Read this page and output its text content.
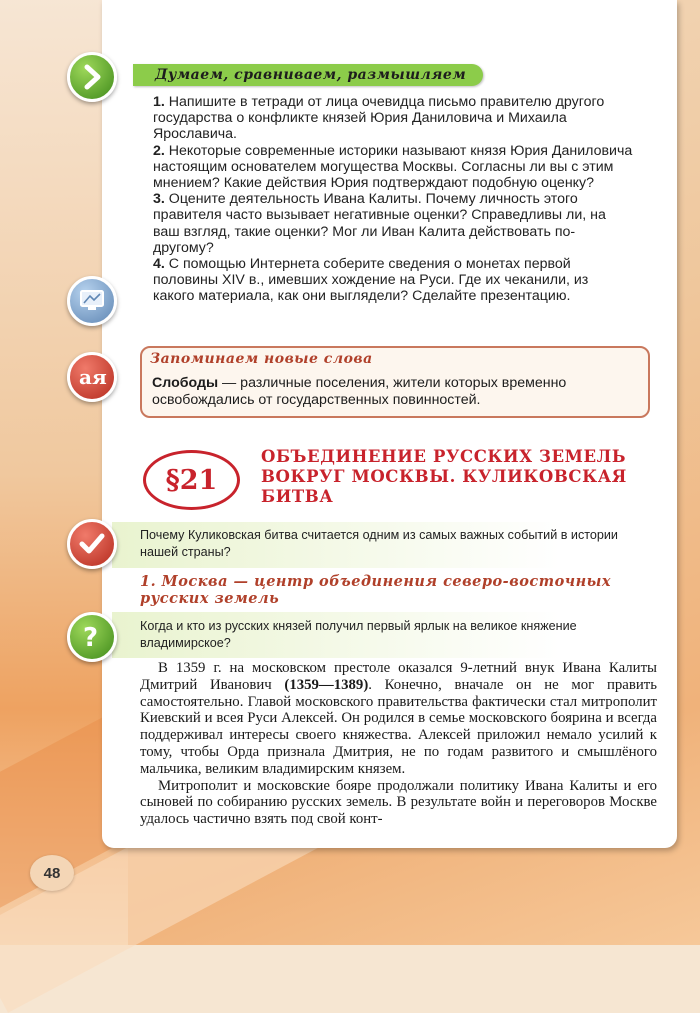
Думаем, сравниваем, размышляем

1. Напишите в тетради от лица очевидца письмо правителю другого государства о конфликте князей Юрия Даниловича и Михаила Ярославича.

2. Некоторые современные историки называют князя Юрия Даниловича настоящим основателем могущества Москвы. Согласны ли вы с этим мнением? Какие действия Юрия подтверждают подобную оценку?

3. Оцените деятельность Ивана Калиты. Почему личность этого правителя часто вызывает негативные оценки? Справедливы ли, на ваш взгляд, такие оценки? Мог ли Иван Калита действовать по-другому?

4. С помощью Интернета соберите сведения о монетах первой половины XIV в., имевших хождение на Руси. Где их чеканили, из какого материала, как они выглядели? Сделайте презентацию.

а я
Запоминаем новые слова
Слободы — различные поселения, жители которых временно освобождались от государственных повинностей.
§21
ОБЪЕДИНЕНИЕ РУССКИХ ЗЕМЕЛЬ ВОКРУГ МОСКВЫ. КУЛИКОВСКАЯ БИТВА
Почему Куликовская битва считается одним из самых важных событий в истории нашей страны?
1. Москва — центр объединения северо-восточных русских земель
?	Когда и кто из русских князей получил первый ярлык на великое княжение владимирское?

В 1359 г. на московском престоле оказался 9-летний внук Ивана Калиты Дмитрий Иванович (1359—1389). Конечно, вначале он не мог править самостоятельно. Главой московского правительства фактически стал митрополит Киевский и всея Руси Алексей. Он родился в семье московского боярина и всегда поддерживал интересы своего княжества. Алексей приложил немало усилий к тому, чтобы Орда признала Дмитрия, не по годам развитого и смышлёного мальчика, великим владимирским князем.

Митрополит и московские бояре продолжали политику Ивана Калиты и его сыновей по собиранию русских земель. В результате войн и переговоров Москве удалось частично взять под свой конт-

48
